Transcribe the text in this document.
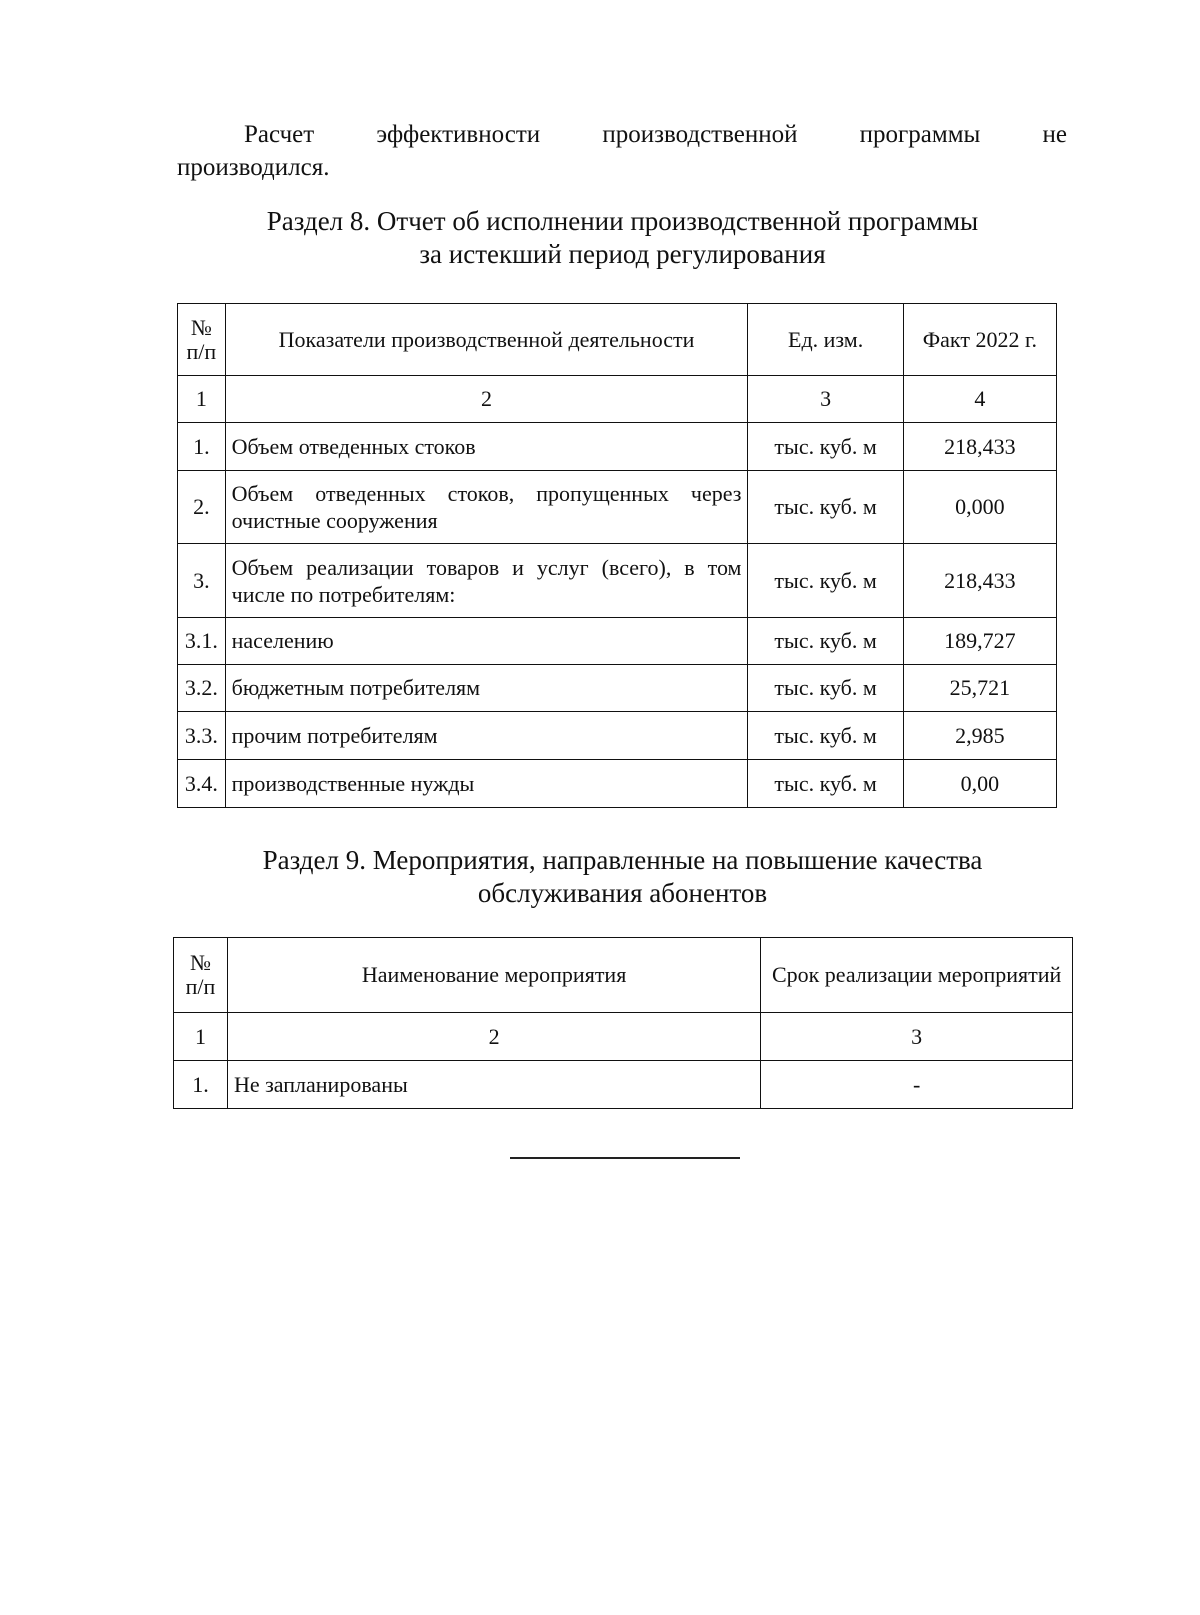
Расчет эффективности производственной программы не
производился.
Раздел 8. Отчет об исполнении производственной программы
за истекший период регулирования
№ п/п	Показатели производственной деятельности	Ед. изм.	Факт 2022 г.
1	2	3	4
1.	Объем отведенных стоков	тыс. куб. м	218,433
2.	Объем отведенных стоков, пропущенных через очистные сооружения	тыс. куб. м	0,000
3.	Объем реализации товаров и услуг (всего), в том числе по потребителям:	тыс. куб. м	218,433
3.1.	населению	тыс. куб. м	189,727
3.2.	бюджетным потребителям	тыс. куб. м	25,721
3.3.	прочим потребителям	тыс. куб. м	2,985
3.4.	производственные нужды	тыс. куб. м	0,00
Раздел 9. Мероприятия, направленные на повышение качества
обслуживания абонентов
№ п/п	Наименование мероприятия	Срок реализации мероприятий
1	2	3
1.	Не запланированы	-
